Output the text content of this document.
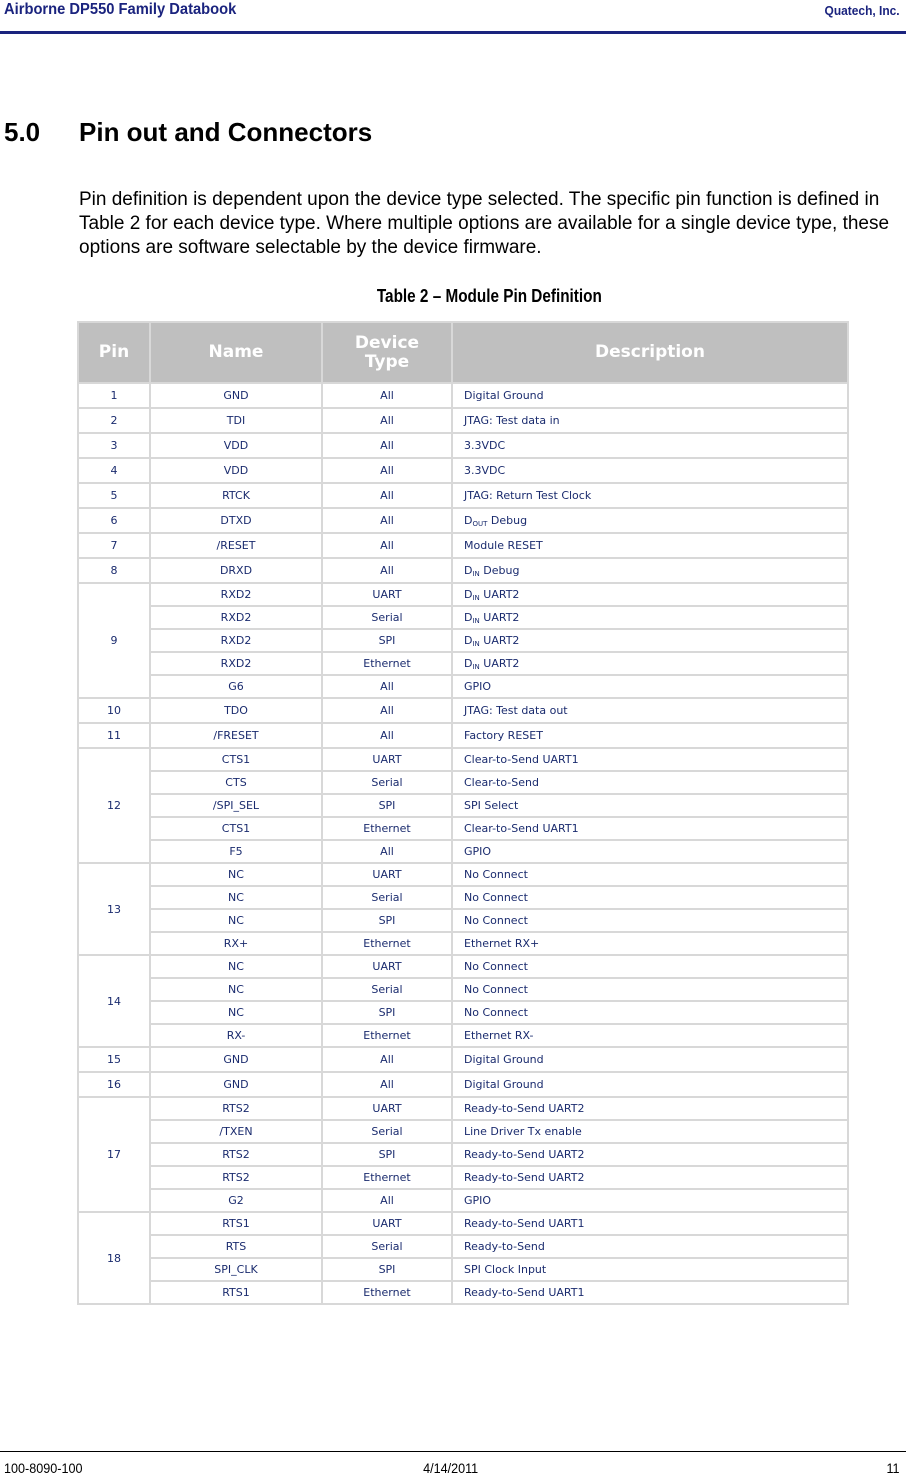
Airborne DP550 Family Databook	Quatech, Inc.
5.0 Pin out and Connectors
Pin definition is dependent upon the device type selected. The specific pin function is defined in Table 2 for each device type. Where multiple options are available for a single device type, these options are software selectable by the device firmware.
Table 2 – Module Pin Definition
Pin	Name	Device Type	Description
1	GND	All	Digital Ground
2	TDI	All	JTAG: Test data in
3	VDD	All	3.3VDC
4	VDD	All	3.3VDC
5	RTCK	All	JTAG: Return Test Clock
6	DTXD	All	$D_{OUT}$ Debug
7	/RESET	All	Module RESET
8	DRXD	All	$D_{IN}$ Debug
9	RXD2	UART	$D_{IN}$ UART2
	RXD2	Serial	$D_{IN}$ UART2
	RXD2	SPI	$D_{IN}$ UART2
	RXD2	Ethernet	$D_{IN}$ UART2
	G6	All	GPIO
10	TDO	All	JTAG: Test data out
11	/FRESET	All	Factory RESET
12	CTS1	UART	Clear-to-Send UART1
	CTS	Serial	Clear-to-Send
	/SPI_SEL	SPI	SPI Select
	CTS1	Ethernet	Clear-to-Send UART1
	F5	All	GPIO
13	NC	UART	No Connect
	NC	Serial	No Connect
	NC	SPI	No Connect
	RX+	Ethernet	Ethernet RX+
14	NC	UART	No Connect
	NC	Serial	No Connect
	NC	SPI	No Connect
	RX-	Ethernet	Ethernet RX-
15	GND	All	Digital Ground
16	GND	All	Digital Ground
17	RTS2	UART	Ready-to-Send UART2
	/TXEN	Serial	Line Driver Tx enable
	RTS2	SPI	Ready-to-Send UART2
	RTS2	Ethernet	Ready-to-Send UART2
	G2	All	GPIO
18	RTS1	UART	Ready-to-Send UART1
	RTS	Serial	Ready-to-Send
	SPI_CLK	SPI	SPI Clock Input
	RTS1	Ethernet	Ready-to-Send UART1
100-8090-100	4/14/2011	11
